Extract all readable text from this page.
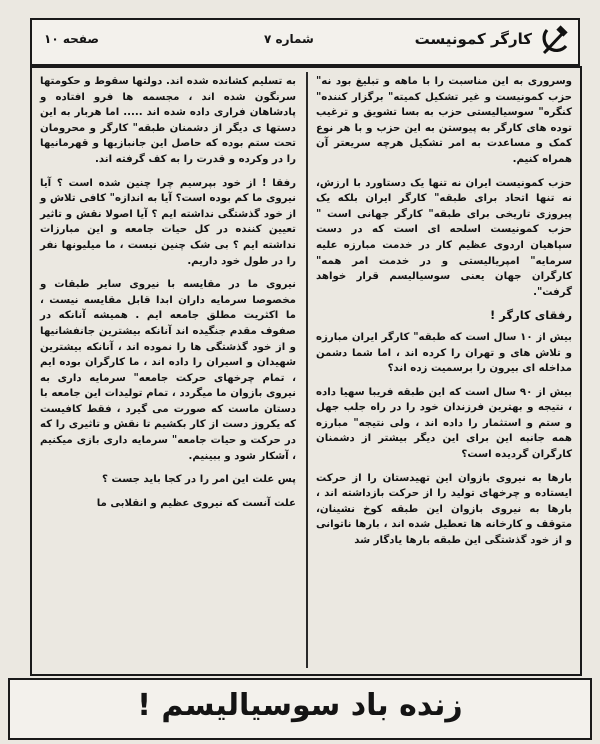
کارگر کمونیست
شماره ۷
صفحه ۱۰

وسروری به این مناسبت را با ماهه و تبلیغ بود نه" حزب کمونیست و غیر تشکیل کمیته" برگزار کننده" کنگره" سوسیالیستی حزب به بسا تشویق و ترغیب توده های کارگر به پیوستن به این حزب و با هر نوع کمک و مساعدت به امر تشکیل هرچه سریعتر آن همراه کنیم.

حزب کمونیست ایران نه تنها یک دستاورد با ارزش، نه تنها اتحاد برای طبقه" کارگر ایران بلکه یک پیروزی تاریخی برای طبقه" کارگر جهانی است " حزب کمونیست اسلحه ای است که در دست سپاهیان اردوی عظیم کار در خدمت مبارزه علیه سرمایه" امپریالیستی و در خدمت امر همه" کارگران جهان یعنی سوسیالیسم قرار خواهد گرفت".

رفقای کارگر !

بیش از ۱۰ سال است که طبقه" کارگر ایران مبارزه و تلاش های و تهران را کرده اند ، اما شما دشمن مداخله ای بیرون را برسمیت زده اند؟

بیش از ۹۰ سال است که این طبقه فریبا سهیا داده ، نتیجه و بهترین فرزندان خود را در راه جلب جهل و ستم و استثمار را داده اند ، ولی نتیجه" مبارزه همه جانبه این برای این دیگر بیشتر از دشمنان کارگران گردیده است؟

بارها به نیروی بازوان این تهیدستان را از حرکت ایستاده و چرخهای تولید را از حرکت بازداشته اند ، بارها به نیروی بازوان این طبقه کوخ نشینان، متوقف و کارخانه ها تعطیل شده اند ، بارها ناتوانی و از خود گذشتگی این طبقه بارها یادگار شد

به تسلیم کشانده شده اند. دولتها سقوط و حکومتها سرنگون شده اند ، مجسمه ها فرو افتاده و پادشاهان فراری داده شده اند ..... اما هربار به این دستها ی دیگر از دشمنان طبقه" کارگر و محرومان تحت ستم بوده که حاصل این جانبازیها و قهرمانیها را در وکرده و قدرت را به کف گرفته اند.

رفقا ! از خود بپرسیم چرا چنین شده است ؟ آیا نیروی ما کم بوده است؟ آیا به اندازه" کافی تلاش و از خود گذشتگی نداشته ایم ؟ آیا اصولا نقش و تاثیر تعیین کننده در کل حیات جامعه و این مبارزات نداشته ایم ؟ بی شک چنین نیست ، ما میلیونها نفر را در طول خود داریم.

نیروی ما در مقایسه با نیروی سایر طبقات و مخصوصا سرمایه داران ابدا قابل مقایسه نیست ، ما اکثریت مطلق جامعه ایم . همیشه آنانکه در صفوف مقدم جنگیده اند آنانکه بیشترین جانفشانیها و از خود گذشتگی ها را نموده اند ، آنانکه بیشترین شهیدان و اسیران را داده اند ، ما کارگران بوده ایم ، تمام چرخهای حرکت جامعه" سرمایه داری به نیروی بازوان ما میگردد ، تمام تولیدات این جامعه با دستان ماست که صورت می گیرد ، فقط کافیست که یکروز دست از کار بکشیم تا نقش و تاثیری را که در حرکت و حیات جامعه" سرمایه داری بازی میکنیم ، آشکار شود و ببینیم.

پس علت این امر را در کجا باید جست ؟

علت آنست که نیروی عظیم و انقلابی ما

زنده باد سوسیالیسم !
